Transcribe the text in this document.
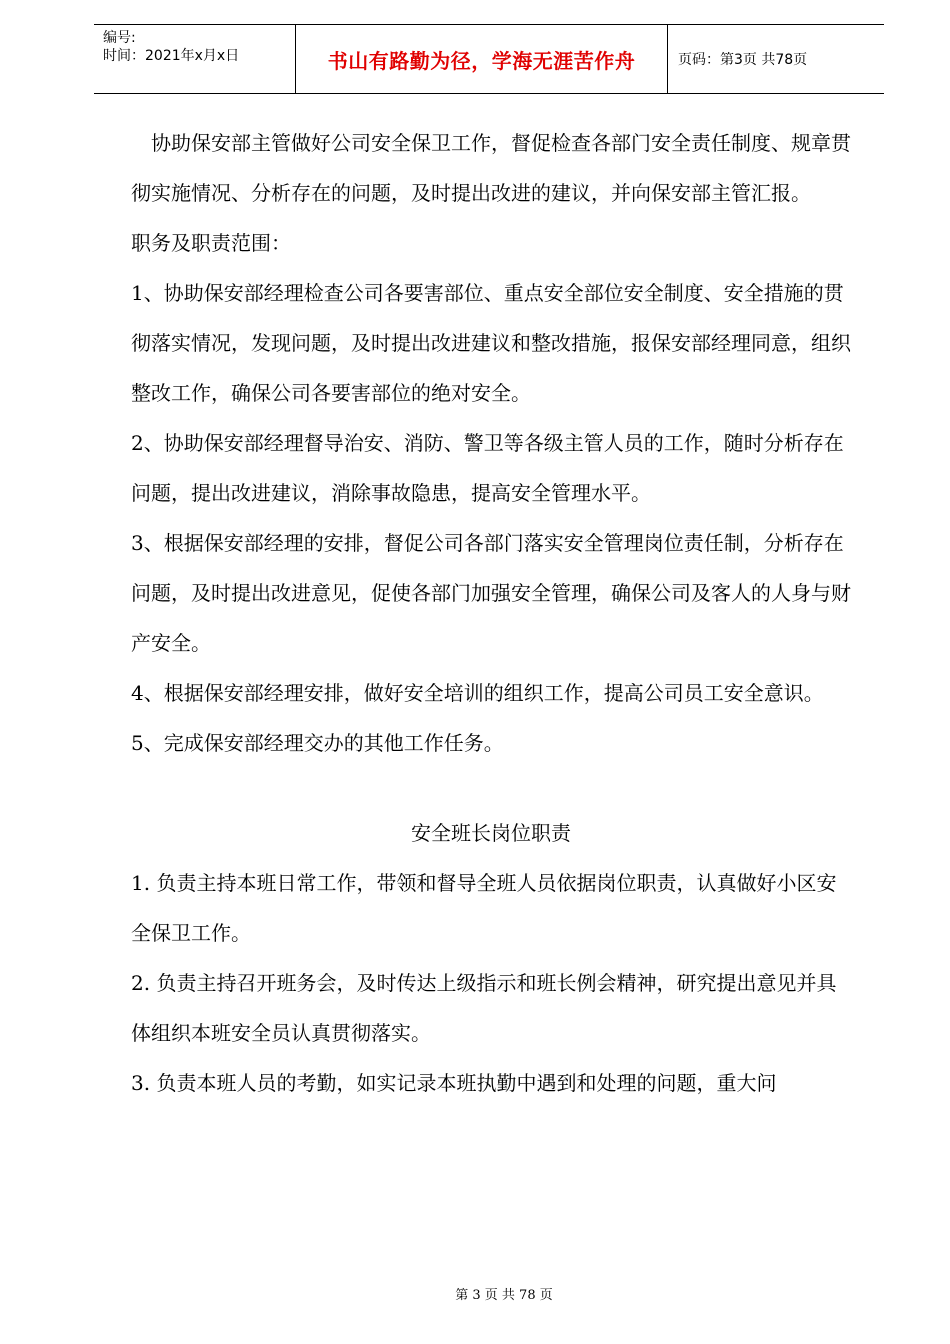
编号:
时间：2021年x月x日	书山有路勤为径，学海无涯苦作舟	页码：第3页 共78页
协助保安部主管做好公司安全保卫工作，督促检查各部门安全责任制度、规章贯彻实施情况、分析存在的问题，及时提出改进的建议，并向保安部主管汇报。
职务及职责范围：
1、协助保安部经理检查公司各要害部位、重点安全部位安全制度、安全措施的贯彻落实情况，发现问题，及时提出改进建议和整改措施，报保安部经理同意，组织整改工作，确保公司各要害部位的绝对安全。
2、协助保安部经理督导治安、消防、警卫等各级主管人员的工作，随时分析存在问题，提出改进建议，消除事故隐患，提高安全管理水平。
3、根据保安部经理的安排，督促公司各部门落实安全管理岗位责任制，分析存在问题，及时提出改进意见，促使各部门加强安全管理，确保公司及客人的人身与财产安全。
4、根据保安部经理安排，做好安全培训的组织工作，提高公司员工安全意识。
5、完成保安部经理交办的其他工作任务。
安全班长岗位职责
1. 负责主持本班日常工作，带领和督导全班人员依据岗位职责，认真做好小区安全保卫工作。
2. 负责主持召开班务会，及时传达上级指示和班长例会精神，研究提出意见并具体组织本班安全员认真贯彻落实。
3. 负责本班人员的考勤，如实记录本班执勤中遇到和处理的问题，重大问
第 3 页 共 78 页
